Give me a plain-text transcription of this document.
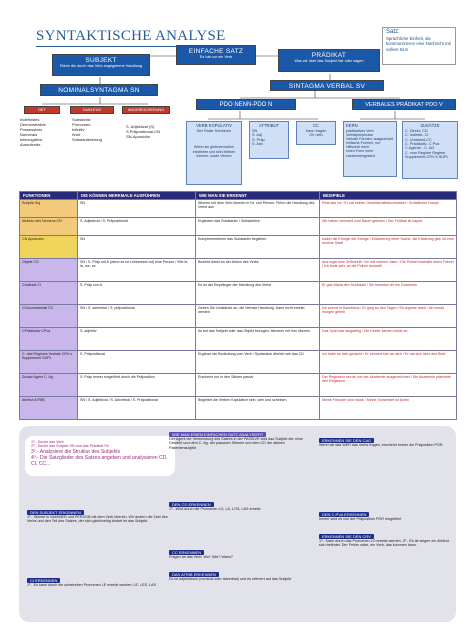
SYNTAKTISCHE ANALYSE	Satz:
Sprachliche Einheit, die kommunizieren eine Nachricht mit vollem Sinn
EINFACHE SATZ
Es hat nur ein Verb
SUBJEKT
Führe die durch das Verb angegebene Handlung
PRÄDIKAT
Was wir über das Subjekt fair oder sagen
NOMINALSYNTAGMA SN
SINTAGMA VERBAL SV
DET	NUKLEUS	ANGEREICHERUNG
Indefinides
Demonstrative
Possessivos
Numerals
Interrogative
Ausrufende
Substantiv
Pronomen
Infinitiv
Wort
Substantivierung
S. Adjektival (S)
S.Präpositional-CN
SN-Aposición
PDO NENN-PDO N	VERBALES PRÄDIKAT PDO V
VERB KOPULATIV
Ser Estar Scheinen
Wenn sie gleichermaßen existieren und sein bleiben können, sowie Verben
ATTRIBUT
SN
S. Adj
S. Präp
S. Adv
CC
Kann tragen
Oh nein
KERN
prädikatives Verb
Verbalperiphrase
Verbale Formen, ausgedrückt
einfache Formen, nur
Hilfsverb mehr
einen Form mehr
zusammengesetzt
ZUSÄTZE
C. Direkt- CD
C. Indirekt- CI
C. Umstand-CC
C. Prädikativ- C Pva
C.Agente - C. AG
C. vom Regime Regime
Supplement-CRV 6 SUPL
FUNKTIONEN	DIE KÖNNEN MERKMALE AUSFÜHREN	WIE MAN SIE ERKENNT	BEISPIELE
Subjekt Suj	SN	Stimme mit dem Verb überein in Nr. und Person. Führe die Handlung des Verbs aus	Pedrolas rot / Er hat seinen Gesellschaftsbuchstabel / Schädlicher Damp!
Atributo des Nomens CN	S. Adjektival / S. Präpositional	Ergänzen das Substantiv / Substantive	Wir haben niemand zum Baum gelesen / Der Fußball ist kaputt
CN Aposición	SN	Komplementieren das Substantiv begleiten	Isabel die Königin der Könige / Erläuterung einer Sache, die Erklärung gibt, ist eine schöne Stadt
Objekt CD	SN / S. Präp mit A (wenn es ist Lebewesen ist) eine Person / Wie le, la, me, se	Bezieht direkt an der Aktion des Verbs	Ana legte eine Zeitschrift / Ich will meinen Vater / Die Polizei bestrafte einen Fahrer / Ich finde sehr an die Polizei bestraft!
CIndirekt CI	S. Präp con A	Es ist der Empfänger der Handlung des Verbs	Er gab Maria den Schlüssel / Sie brachten dir ein Geschenk
CCircunstancial CC	SN / S. adverbial / S. präpositional	Geben Sie Umstände an, die Verbale Handlung. Kann nicht ersetzt werden	Ich wohne in Barcelona / Er ging an den Tagen / Es regnete stark / Ich werde morgen gehen
CPrädikativ CPva	S. adjektiv	Ist auf das Subjekt oder das Objekt bezogen, stimmen mit ihm überein	Das Spiel war langweilig / Die Kinder kamen müde an
C. des Regimes Verbale CRV o Supplement SUPL	S. Präpositional	Ergänze die Bedeutung vom Verb / Syntaxisch ähnlich wie das CD	Ich habe an dich gedacht / Er erinnert sich an dich / Er hat sich über den Brief
Zusatz Agent C. Ag	S. Präp immer eingeführt durch die Präposition	Erscheint nur in den Sätzen passiv	Der Regisseur wurde von der Akademie ausgezeichnet / Die Akademie prämierte den Regisseur
Attribut ATRIB	SN / S. Adjektival / S. Adverbial / S. Präpositional	Begleitet die Verben Kopulative sein, sein und scheinen	Meine Freunde sind müde / Meine Schwester ist Ärztin
1º.- Suche das Verb
2º.- Suche das Subjekt SN und das Prädikat SV
3º.- Analysiere die Struktur des Subjekts
4º.- Die Satzglieder des Satzes angeben und analysieren CD, CI, CC...
DEN SUBJEKT ERKENNEN
1º.- Stimmt in NUMMER und PERSON mit dem Verb überein. Wir ändern die Zahl des Verbs und den Teil des Satzes, der sich gleichzeitig ändert ist das Subjekt.
CI ERKENNEN
1º.- Es kann durch die unbetonten Pronomen LE ersetzt werden: LE, LES, LAS
WIE MAN EINEN EINFACHEN SATZ ANALYSIERT
Der Agent der Verwendung des Satzes in der PASSIVE wird das Subjekt der ohne Gewicht und dem C. Ag. der passiven Stimme und dem CD der aktiven Patientensubjekt
DEN CD ERKENNEN
1º.- Wird durch die Pronomen LO, LA, LOS, LAS ersetzt
CC ERKENNEN
Fragen an das Verb: Wo? Wie? Wann?
DAS ATRIB ERKENNEN
Es ist adjektivisch (nominal oder adverbial) und es referiert auf das Subjekt
ERKENNEN SIE DEN CAG
Wenn wir das WER das Verbs fragen, erscheint immer die Präposition POR
DEN C.PVA ERKENNEN
Immer wird es von der Präposition POR eingeführt
ERKENNEN SIE DEN CRV
1º.- Kann durch das Pronomen LO ersetzt werden. 2º.- Es ist wegen ein Attribut sich befindet. Der Fehler wäre, ein Verb, das kommen kann.
